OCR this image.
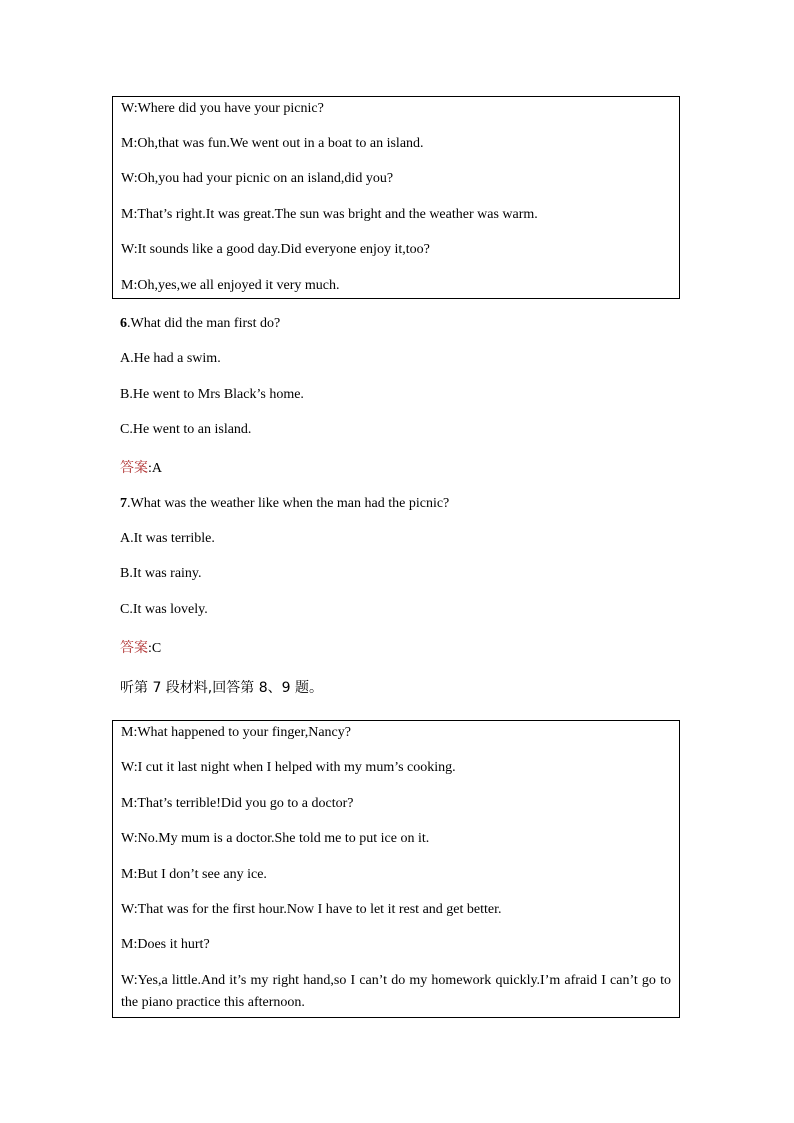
W:Where did you have your picnic?
M:Oh,that was fun.We went out in a boat to an island.
W:Oh,you had your picnic on an island,did you?
M:That’s right.It was great.The sun was bright and the weather was warm.
W:It sounds like a good day.Did everyone enjoy it,too?
M:Oh,yes,we all enjoyed it very much.
6.What did the man first do?
A.He had a swim.
B.He went to Mrs Black’s home.
C.He went to an island.
答案:A
7.What was the weather like when the man had the picnic?
A.It was terrible.
B.It was rainy.
C.It was lovely.
答案:C
听第 7 段材料,回答第 8、9 题。
M:What happened to your finger,Nancy?
W:I cut it last night when I helped with my mum’s cooking.
M:That’s terrible!Did you go to a doctor?
W:No.My mum is a doctor.She told me to put ice on it.
M:But I don’t see any ice.
W:That was for the first hour.Now I have to let it rest and get better.
M:Does it hurt?
W:Yes,a little.And it’s my right hand,so I can’t do my homework quickly.I’m afraid I can’t go to the piano practice this afternoon.
